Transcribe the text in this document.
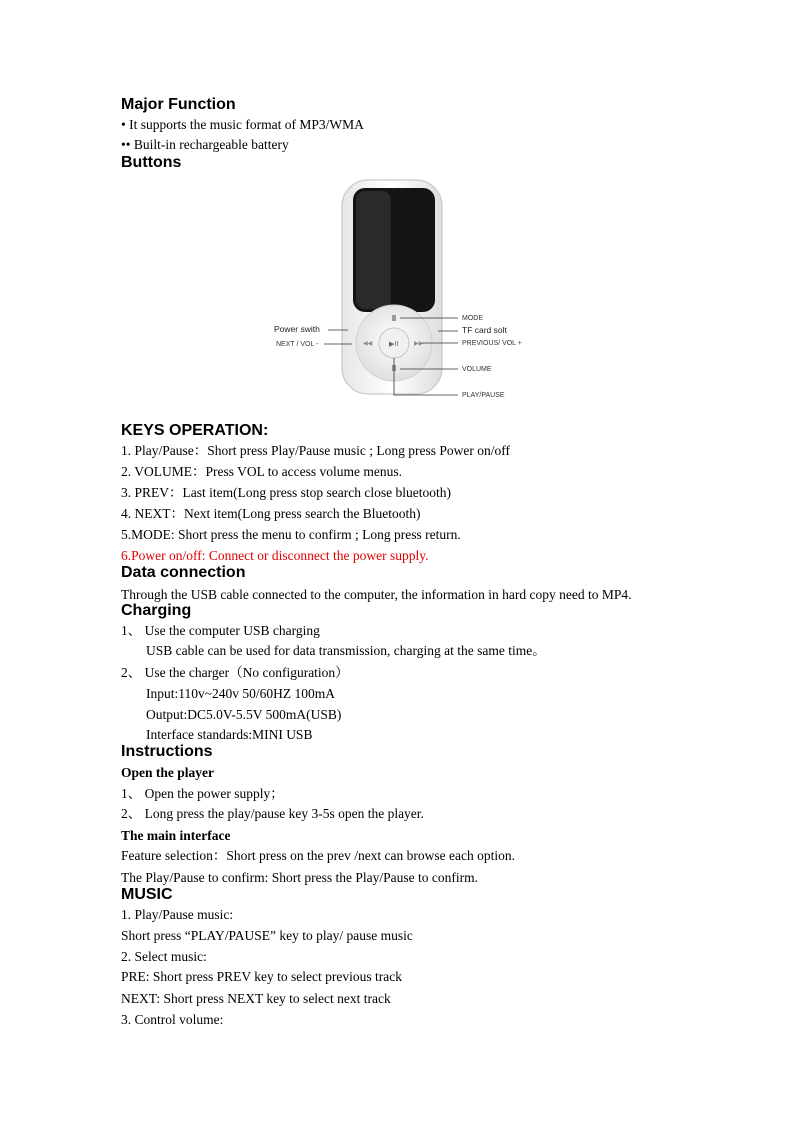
Major Function
• It supports the music format of MP3/WMA
•• Built-in rechargeable battery
Buttons
▶II
◀◀	▶▶
Power swith
NEXT / VOL -
MODE
TF card solt
PREVIOUS/ VOL +
VOLUME
PLAY/PAUSE
KEYS OPERATION:
1. Play/Pause：Short press Play/Pause music ; Long press Power on/off
2. VOLUME：Press VOL to access volume menus.
3. PREV：Last item(Long press stop search close bluetooth)
4. NEXT：Next item(Long press search the Bluetooth)
5.MODE: Short press the menu to confirm ; Long press return.
6.Power on/off: Connect or disconnect the power supply.
Data connection
Through the USB cable connected to the computer, the information in hard copy need to MP4.
Charging
1、 Use the computer USB charging
USB cable can be used for data transmission, charging at the same time。
2、 Use the charger（No configuration）
Input:110v~240v 50/60HZ 100mA
Output:DC5.0V-5.5V 500mA(USB)
Interface standards:MINI USB
Instructions
Open the player
1、 Open the power supply；
2、 Long press the play/pause key 3-5s open the player.
The main interface
Feature selection：Short press on the prev /next can browse each option.
The Play/Pause to confirm: Short press the Play/Pause to confirm.
MUSIC
1. Play/Pause music:
Short press “PLAY/PAUSE” key to play/ pause music
2. Select music:
PRE: Short press PREV key to select previous track
NEXT: Short press NEXT key to select next track
3. Control volume:
